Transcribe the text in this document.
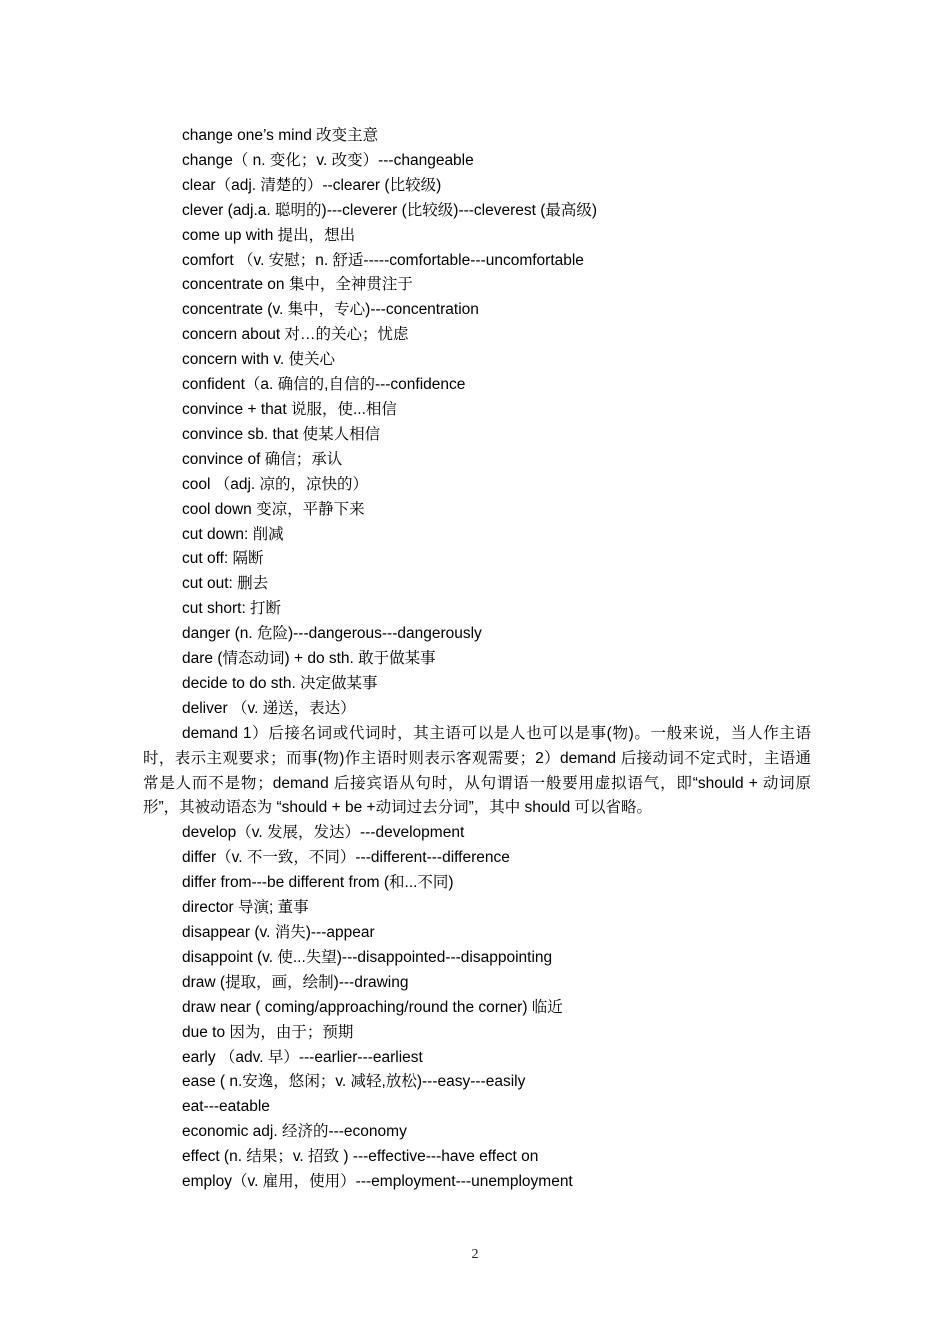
change one’s mind 改变主意
change（ n. 变化；v. 改变）---changeable
clear（adj. 清楚的）--clearer (比较级)
clever (adj.a. 聪明的)---cleverer (比较级)---cleverest (最高级)
come up with 提出，想出
comfort （v. 安慰；n. 舒适-----comfortable---uncomfortable
concentrate on 集中，全神贯注于
concentrate (v. 集中，专心)---concentration
concern about 对…的关心；忧虑
concern with v. 使关心
confident（a. 确信的,自信的---confidence
convince + that 说服，使...相信
convince sb. that 使某人相信
convince of 确信；承认
cool （adj. 凉的，凉快的）
cool down 变凉，平静下来
cut down: 削减
cut off: 隔断
cut out: 删去
cut short: 打断
danger (n. 危险)---dangerous---dangerously
dare (情态动词) + do sth. 敢于做某事
decide to do sth. 决定做某事
deliver （v. 递送，表达）
demand 1）后接名词或代词时，其主语可以是人也可以是事(物)。一般来说，当人作主语时，表示主观要求；而事(物)作主语时则表示客观需要；2）demand 后接动词不定式时，主语通常是人而不是物；demand 后接宾语从句时，从句谓语一般要用虚拟语气，即“should + 动词原形”，其被动语态为 “should + be +动词过去分词”，其中 should 可以省略。
develop（v. 发展，发达）---development
differ（v. 不一致，不同）---different---difference
differ from---be different from (和...不同)
director 导演; 董事
disappear (v. 消失)---appear
disappoint (v. 使...失望)---disappointed---disappointing
draw (提取，画，绘制)---drawing
draw near ( coming/approaching/round the corner) 临近
due to 因为，由于；预期
early （adv. 早）---earlier---earliest
ease ( n.安逸，悠闲；v. 减轻,放松)---easy---easily
eat---eatable
economic adj. 经济的---economy
effect (n. 结果；v. 招致 ) ---effective---have effect on
employ（v. 雇用，使用）---employment---unemployment
2
